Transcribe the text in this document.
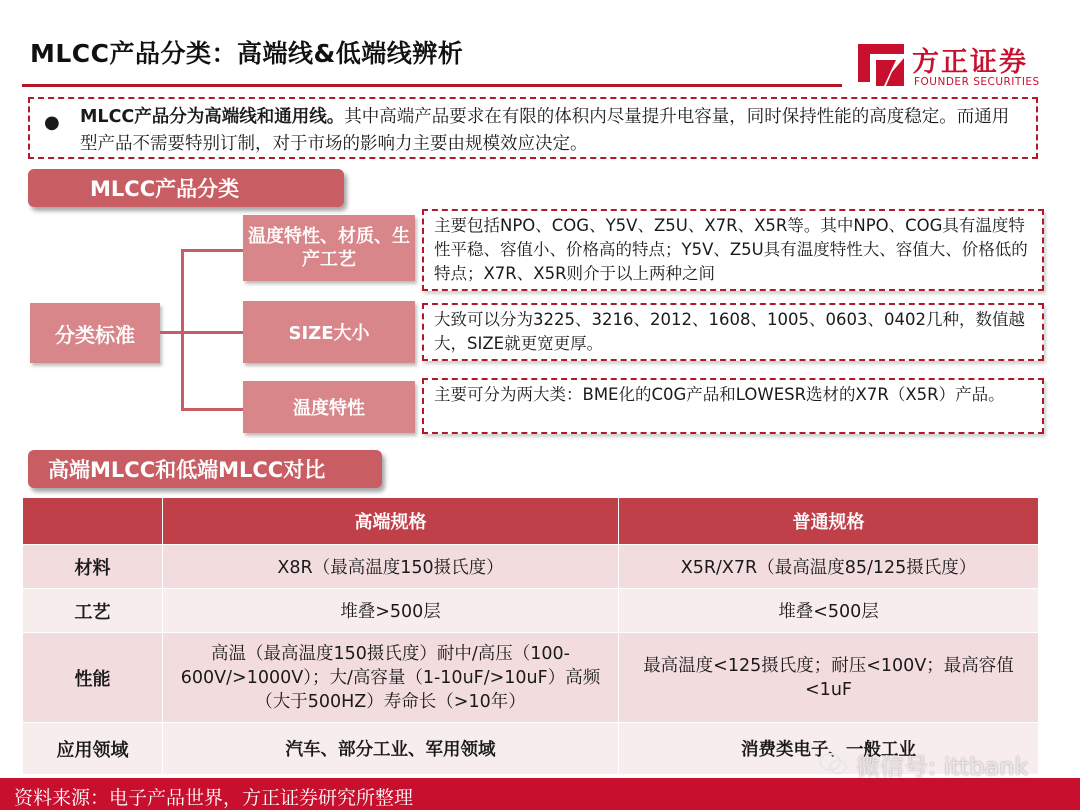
MLCC产品分类：高端线&低端线辨析	方正证券
FOUNDER SECURITIES
●	MLCC产品分为高端线和通用线。其中高端产品要求在有限的体积内尽量提升电容量，同时保持性能的高度稳定。而通用型产品不需要特别订制，对于市场的影响力主要由规模效应决定。
MLCC产品分类
分类标准
温度特性、材质、生产工艺
SIZE大小
温度特性
主要包括NPO、COG、Y5V、Z5U、X7R、X5R等。其中NPO、COG具有温度特性平稳、容值小、价格高的特点；Y5V、Z5U具有温度特性大、容值大、价格低的特点；X7R、X5R则介于以上两种之间
大致可以分为3225、3216、2012、1608、1005、0603、0402几种，数值越大，SIZE就更宽更厚。
主要可分为两大类：BME化的C0G产品和LOWESR选材的X7R（X5R）产品。
高端MLCC和低端MLCC对比
	高端规格	普通规格
材料	X8R（最高温度150摄氏度）	X5R/X7R（最高温度85/125摄氏度）
工艺	堆叠>500层	堆叠<500层
性能	高温（最高温度150摄氏度）耐中/高压（100-600V/>1000V）；大/高容量（1-10uF/>10uF）高频（大于500HZ）寿命长（>10年）	最高温度<125摄氏度；耐压<100V；最高容值<1uF
应用领域	汽车、部分工业、军用领域	消费类电子、一般工业
资料来源：电子产品世界，方正证券研究所整理
微信号: ittbank
